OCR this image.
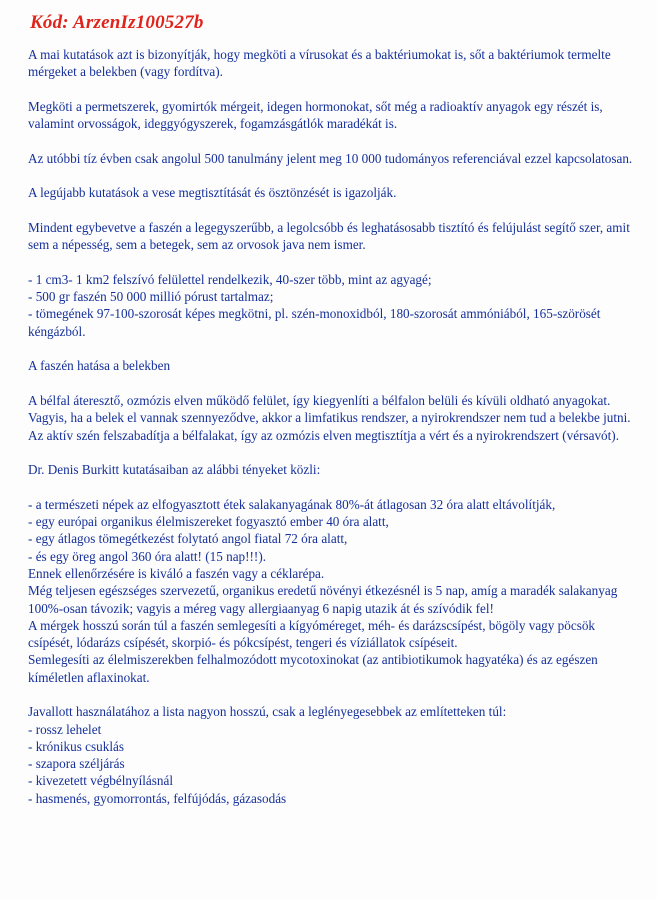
Kód: ArzenIz100527b

A mai kutatások azt is bizonyítják, hogy megköti a vírusokat és a baktériumokat is, sőt a baktériumok termelte mérgeket a belekben (vagy fordítva).

Megköti a permetszerek, gyomirtók mérgeit, idegen hormonokat, sőt még a radioaktív anyagok egy részét is, valamint orvosságok, ideggyógyszerek, fogamzásgátlók maradékát is.

Az utóbbi tíz évben csak angolul 500 tanulmány jelent meg 10 000 tudományos referenciával ezzel kapcsolatosan.

A legújabb kutatások a vese megtisztítását és ösztönzését is igazolják.

Mindent egybevetve a faszén a legegyszerűbb, a legolcsóbb és leghatásosabb tisztító és felújulást segítő szer, amit sem a népesség, sem a betegek, sem az orvosok java nem ismer.

- 1 cm3- 1 km2 felszívó felülettel rendelkezik, 40-szer több, mint az agyagé;

- 500 gr faszén 50 000 millió pórust tartalmaz;

- tömegének 97-100-szorosát képes megkötni, pl. szén-monoxidból, 180-szorosát ammóniából, 165-szörösét kéngázból.

A faszén hatása a belekben

A bélfal áteresztő, ozmózis elven működő felület, így kiegyenlíti a bélfalon belüli és kívüli oldható anyagokat.

Vagyis, ha a belek el vannak szennyeződve, akkor a limfatikus rendszer, a nyirokrendszer nem tud a belekbe jutni.

Az aktív szén felszabadítja a bélfalakat, így az ozmózis elven megtisztítja a vért és a nyirokrendszert (vérsavót).

Dr. Denis Burkitt kutatásaiban az alábbi tényeket közli:

- a természeti népek az elfogyasztott étek salakanyagának 80%-át átlagosan 32 óra alatt eltávolítják,

- egy európai organikus élelmiszereket fogyasztó ember 40 óra alatt,

- egy átlagos tömegétkezést folytató angol fiatal 72 óra alatt,

- és egy öreg angol 360 óra alatt! (15 nap!!!).

Ennek ellenőrzésére is kiváló a faszén vagy a céklarépa.

Még teljesen egészséges szervezetű, organikus eredetű növényi étkezésnél is 5 nap, amíg a maradék salakanyag 100%-osan távozik; vagyis a méreg vagy allergiaanyag 6 napig utazik át és szívódik fel!

A mérgek hosszú során túl a faszén semlegesíti a kígyóméreget, méh- és darázscsípést, bögöly vagy pöcsök csípését, lódarázs csípését, skorpió- és pókcsípést, tengeri és víziállatok csípéseit.

Semlegesíti az élelmiszerekben felhalmozódott mycotoxinokat (az antibiotikumok hagyatéka) és az egészen kíméletlen aflaxinokat.

Javallott használatához a lista nagyon hosszú, csak a leglényegesebbek az említetteken túl:

- rossz lehelet

- krónikus csuklás

- szapora széljárás

- kivezetett végbélnyílásnál

- hasmenés, gyomorrontás, felfújódás, gázasodás
